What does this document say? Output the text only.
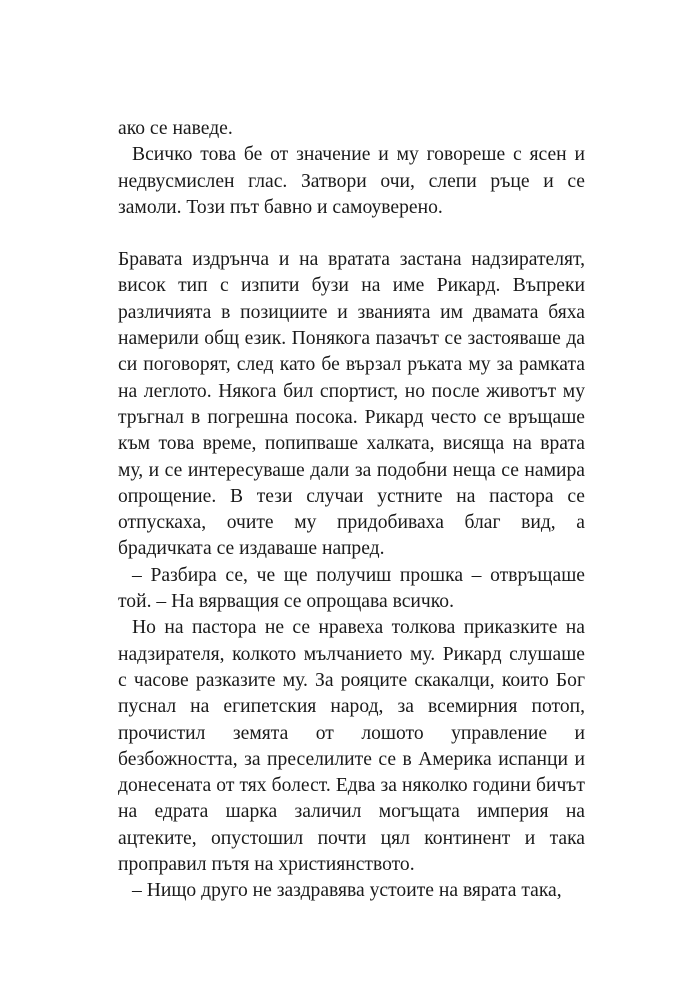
ако се наведе.

Всичко това бе от значение и му говореше с ясен и недвусмислен глас. Затвори очи, слепи ръце и се замоли. Този път бавно и самоуверено.

Бравата издрънча и на вратата застана надзирателят, висок тип с изпити бузи на име Рикард. Въпреки различията в позициите и званията им двамата бяха намерили общ език. Понякога пазачът се застояваше да си поговорят, след като бе вързал ръката му за рамката на леглото. Някога бил спортист, но после животът му тръгнал в погрешна посока. Рикард често се връщаше към това време, попипваше халката, висяща на врата му, и се интересуваше дали за подобни неща се намира опрощение. В тези случаи устните на пастора се отпускаха, очите му придобиваха благ вид, а брадичката се издаваше напред.

– Разбира се, че ще получиш прошка – отвръщаше той. – На вярващия се опрощава всичко.

Но на пастора не се нравеха толкова приказките на надзирателя, колкото мълчанието му. Рикард слушаше с часове разказите му. За рояците скакалци, които Бог пуснал на египетския народ, за всемирния потоп, прочистил земята от лошото управление и безбожността, за преселилите се в Америка испанци и донесената от тях болест. Едва за няколко години бичът на едрата шарка заличил могъщата империя на ацтеките, опустошил почти цял континент и така проправил пътя на християнството.

– Нищо друго не заздравява устоите на вярата така,
